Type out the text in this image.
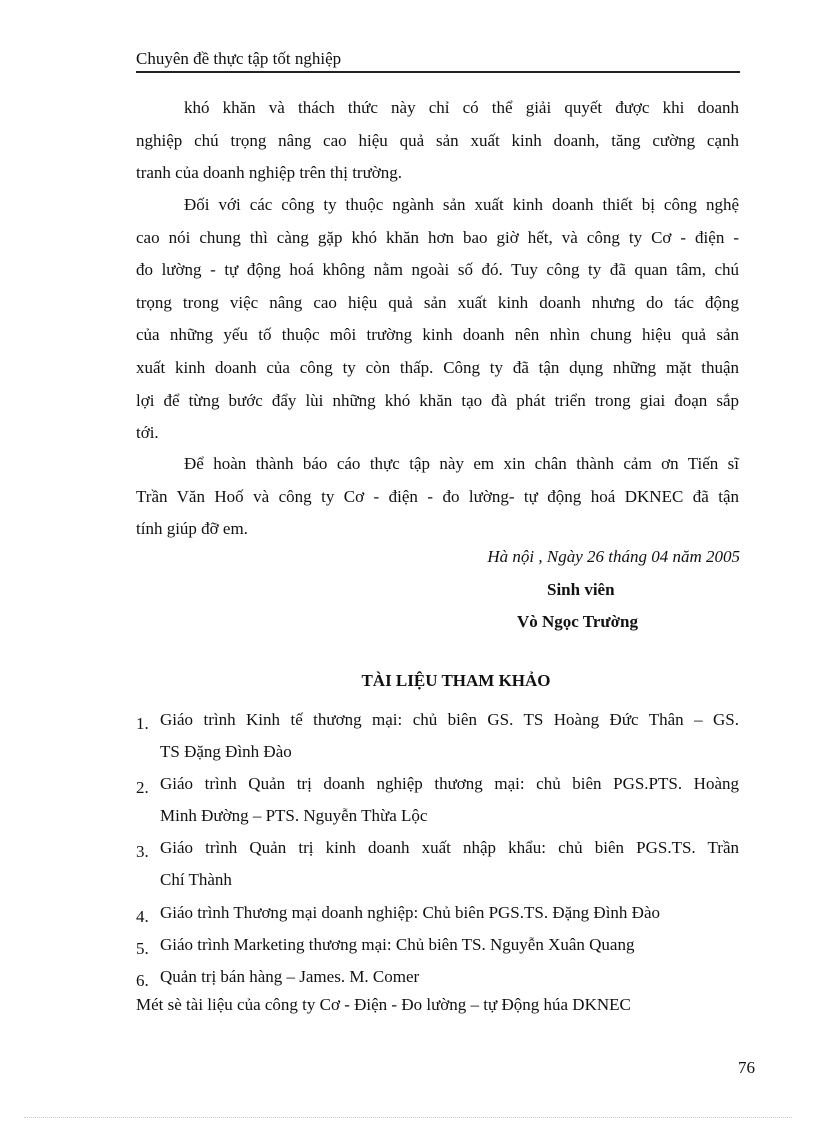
Chuyên đề thực tập tốt nghiệp
khó khăn và thách thức này chỉ có thể giải quyết được khi doanh
nghiệp chú trọng nâng cao hiệu quả sản xuất kinh doanh, tăng cường cạnh
tranh của doanh nghiệp trên thị trường.
Đối với các công ty thuộc ngành sản xuất kinh doanh thiết bị công nghệ
cao nói chung thì càng gặp khó khăn hơn bao giờ hết, và công ty Cơ - điện -
đo lường - tự động hoá không nằm ngoài số đó. Tuy công ty đã quan tâm, chú
trọng trong việc nâng cao hiệu quả sản xuất kinh doanh nhưng do tác động
của những yếu tố thuộc môi trường kinh doanh nên nhìn chung hiệu quả sản
xuất kinh doanh của công ty còn thấp. Công ty đã tận dụng những mặt thuận
lợi để từng bước đẩy lùi những khó khăn tạo đà phát triển trong giai đoạn sắp
tới.
Để hoàn thành báo cáo thực tập này em xin chân thành cảm ơn Tiến sĩ
Trần Văn Hoố và công ty Cơ - điện - đo lường- tự động hoá DKNEC đã tận
tính giúp đỡ em.
Hà nội , Ngày 26 tháng 04 năm 2005
Sinh viên
Vò Ngọc Trường
TÀI LIỆU THAM KHẢO
1. Giáo trình Kinh tế thương mại: chủ biên GS. TS Hoàng Đức Thân – GS.
TS Đặng Đình Đào
2. Giáo trình Quản trị doanh nghiệp thương mại: chủ biên PGS.PTS. Hoàng
Minh Đường – PTS. Nguyễn Thừa Lộc
3. Giáo trình Quản trị kinh doanh xuất nhập khẩu: chủ biên PGS.TS. Trần
Chí Thành
4. Giáo trình Thương mại doanh nghiệp: Chủ biên PGS.TS. Đặng Đình Đào
5. Giáo trình Marketing thương mại: Chủ biên TS. Nguyễn Xuân Quang
6. Quản trị bán hàng – James. M. Comer
Mét sè tài liệu của công ty Cơ - Điện - Đo lường – tự Động húa DKNEC
76
